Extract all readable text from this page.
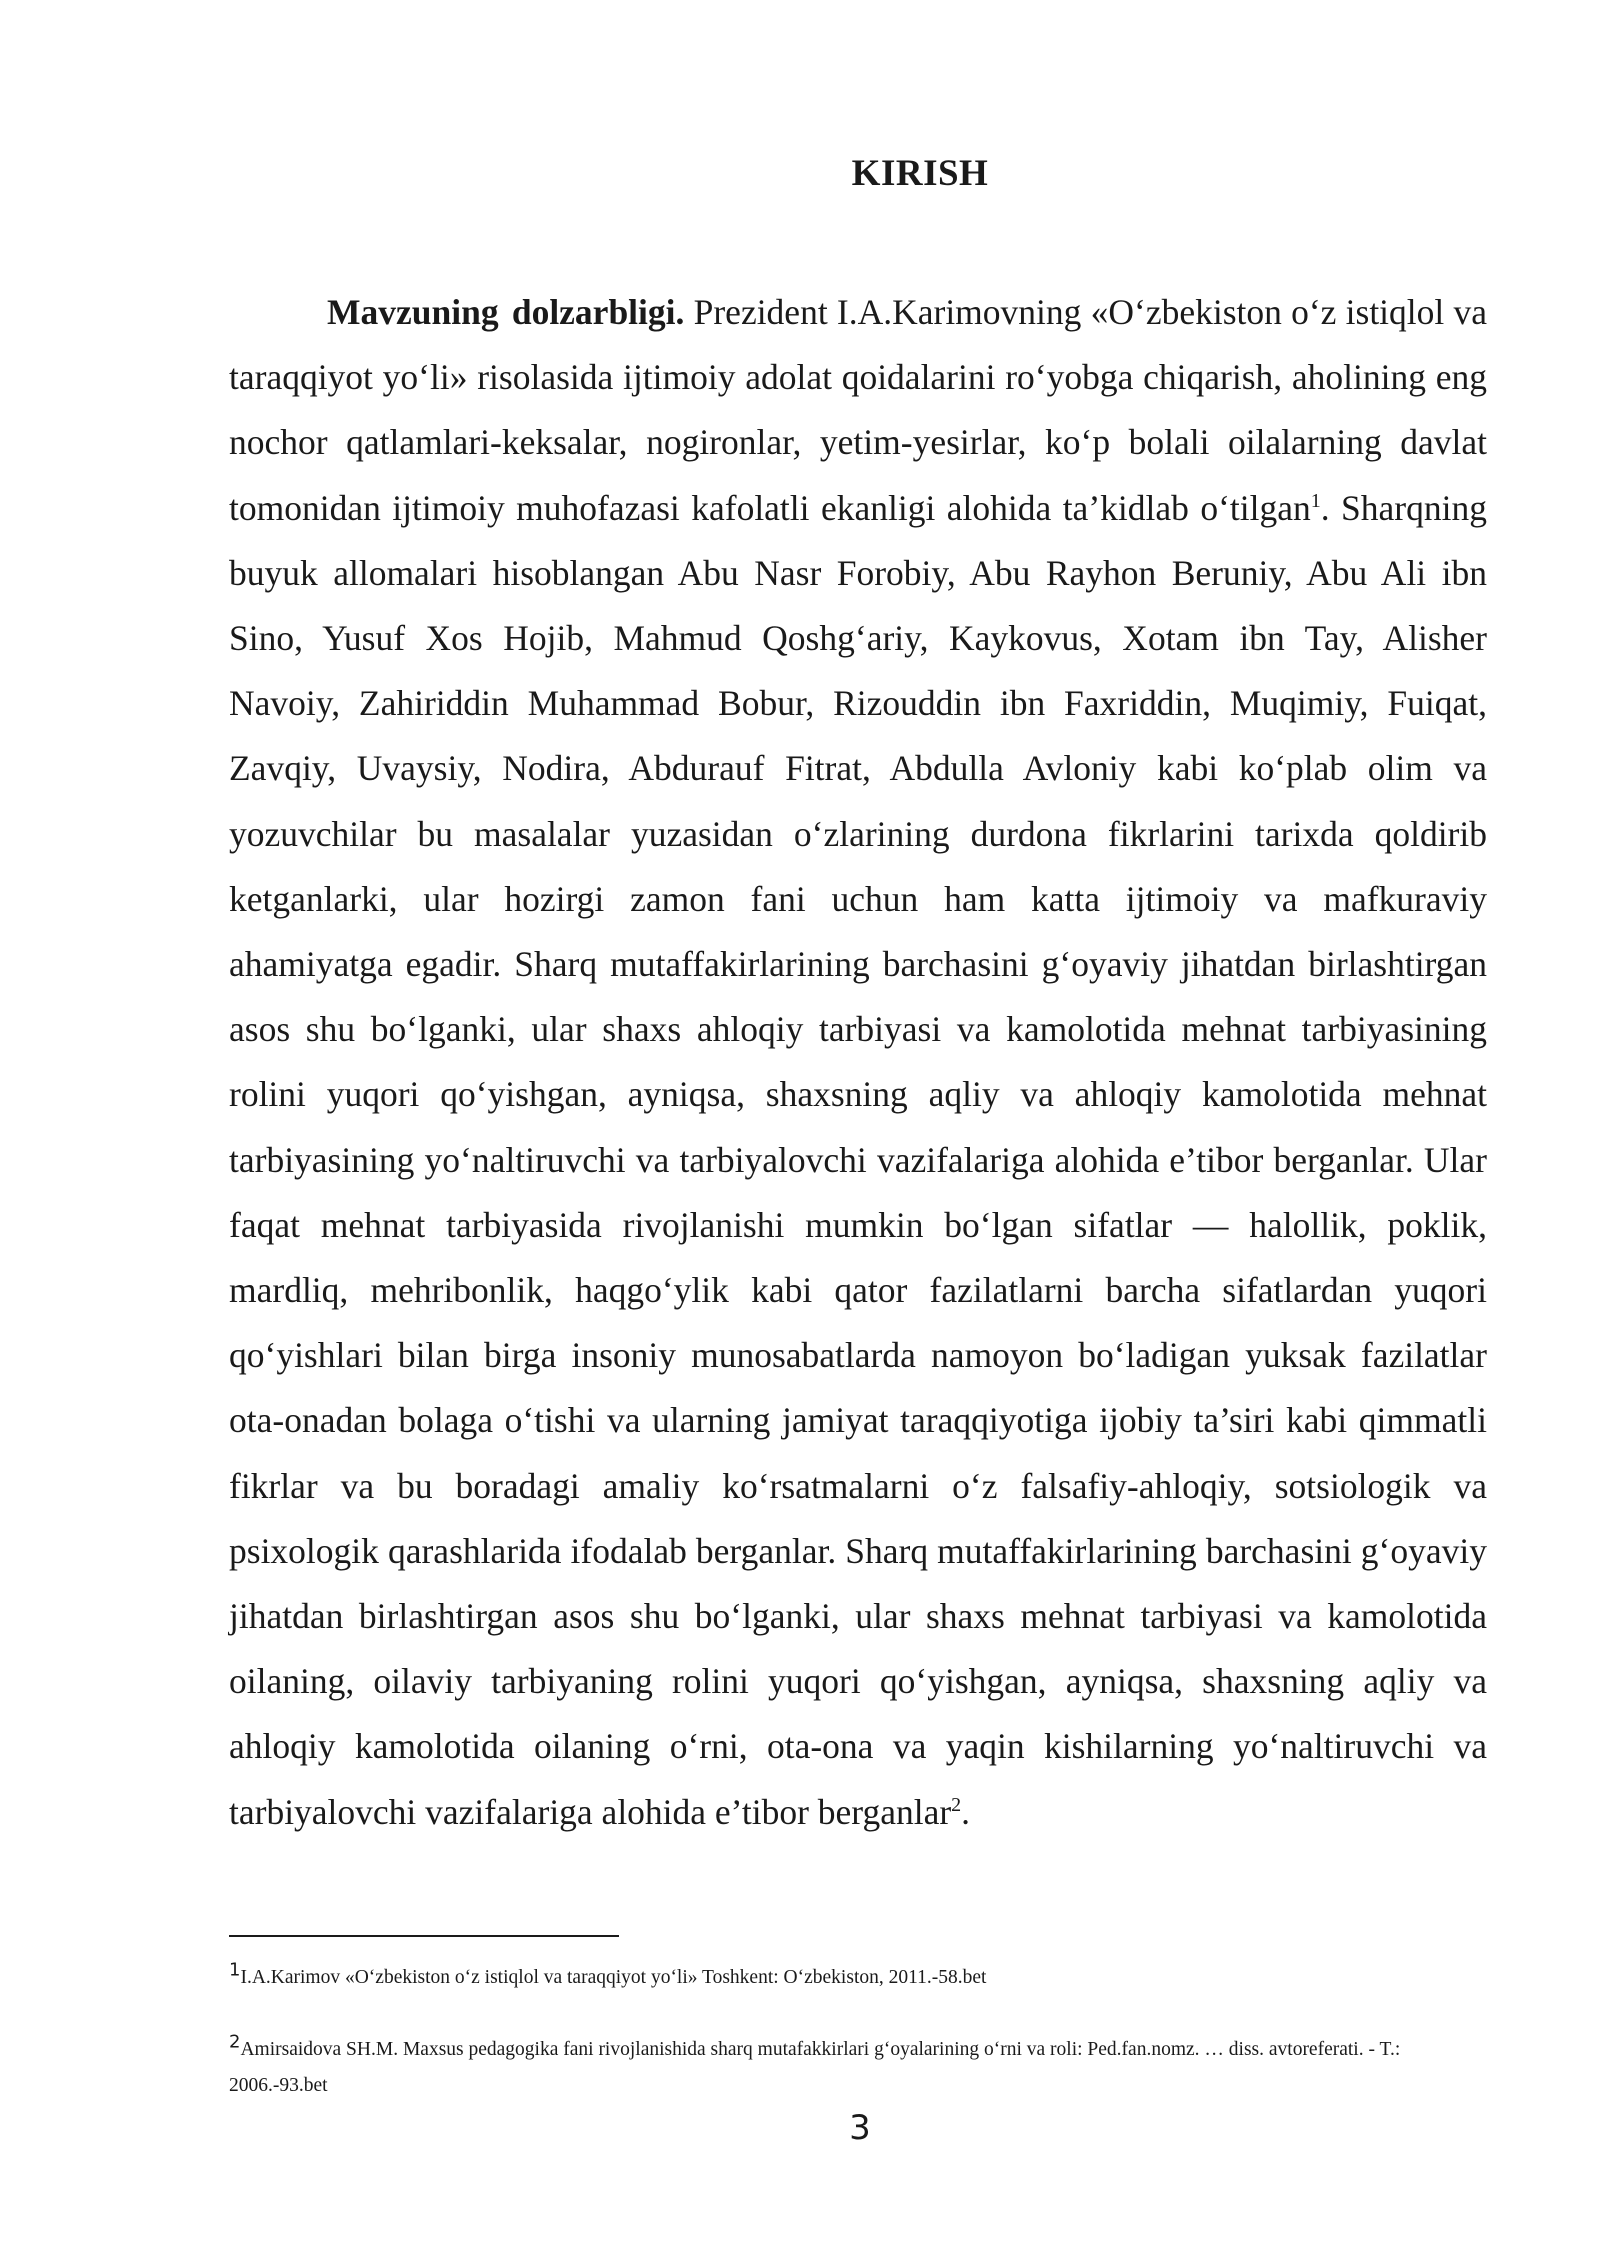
KIRISH

Mavzuning dolzarbligi. Prezident I.A.Karimovning «O‘zbekiston o‘z istiqlol va taraqqiyot yo‘li» risolasida ijtimoiy adolat qoidalarini ro‘yobga chiqarish, aholining eng nochor qatlamlari-keksalar, nogironlar, yetim-yesirlar, ko‘p bolali oilalarning davlat tomonidan ijtimoiy muhofazasi kafolatli ekanligi alohida ta’kidlab o‘tilgan$^1$. Sharqning buyuk allomalari hisoblangan Abu Nasr Forobiy, Abu Rayhon Beruniy, Abu Ali ibn Sino, Yusuf Xos Hojib, Mahmud Qoshg‘ariy, Kaykovus, Xotam ibn Tay, Alisher Navoiy, Zahiriddin Muhammad Bobur, Rizouddin ibn Faxriddin, Muqimiy, Fuiqat, Zavqiy, Uvaysiy, Nodira, Abdurauf Fitrat, Abdulla Avloniy kabi ko‘plab olim va yozuvchilar bu masalalar yuzasidan o‘zlarining durdona fikrlarini tarixda qoldirib ketganlarki, ular hozirgi zamon fani uchun ham katta ijtimoiy va mafkuraviy ahamiyatga egadir. Sharq mutaffakirlarining barchasini g‘oyaviy jihatdan birlashtirgan asos shu bo‘lganki, ular shaxs ahloqiy tarbiyasi va kamolotida mehnat tarbiyasining rolini yuqori qo‘yishgan, ayniqsa, shaxsning aqliy va ahloqiy kamolotida mehnat tarbiyasining yo‘naltiruvchi va tarbiyalovchi vazifalariga alohida e’tibor berganlar. Ular faqat mehnat tarbiyasida rivojlanishi mumkin bo‘lgan sifatlar — halollik, poklik, mardliq, mehribonlik, haqgo‘ylik kabi qator fazilatlarni barcha sifatlardan yuqori qo‘yishlari bilan birga insoniy munosabatlarda namoyon bo‘ladigan yuksak fazilatlar ota-onadan bolaga o‘tishi va ularning jamiyat taraqqiyotiga ijobiy ta’siri kabi qimmatli fikrlar va bu boradagi amaliy ko‘rsatmalarni o‘z falsafiy-ahloqiy, sotsiologik va psixologik qarashlarida ifodalab berganlar. Sharq mutaffakirlarining barchasini g‘oyaviy jihatdan birlashtirgan asos shu bo‘lganki, ular shaxs mehnat tarbiyasi va kamolotida oilaning, oilaviy tarbiyaning rolini yuqori qo‘yishgan, ayniqsa, shaxsning aqliy va ahloqiy kamolotida oilaning o‘rni, ota-ona va yaqin kishilarning yo‘naltiruvchi va tarbiyalovchi vazifalariga alohida e’tibor berganlar$^2$.

1I.A.Karimov «O‘zbekiston o‘z istiqlol va taraqqiyot yo‘li» Toshkent: O‘zbekiston, 2011.-58.bet

2Amirsaidova SH.M. Maxsus pedagogika fani rivojlanishida sharq mutafakkirlari g‘oyalarining o‘rni va roli: Ped.fan.nomz. … diss. avtoreferati. - T.: 2006.-93.bet

3
